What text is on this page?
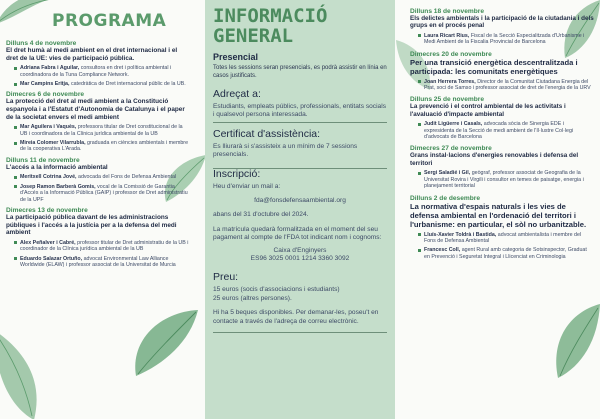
PROGRAMA
Dilluns 4 de novembre
El dret humà al medi ambient en el dret internacional i el dret de la UE: vies de participació pública.
Adriana Fabra i Aguilar, consultora en dret i política ambiental i coordinadora de la Tuna Compliance Network.
Mar Campins Eritja, catedràtica de Dret internacional públic de la UB.
Dimecres 6 de novembre
La protecció del dret al medi ambient a la Constitució espanyola i a l'Estatut d'Autonomia de Catalunya i el paper de la societat envers el medi ambient
Mar Aguilera i Vaquès, professora titular de Dret constitucional de la UB i coordinadora de la Clínica jurídica ambiental de la UB
Mireia Colomer Vilarrubla, graduada en ciències ambientals i membre de la cooperativa L'Arada.
Dilluns 11 de novembre
L'accés a la informació ambiental
Meritxell Cotrina Jové, advocada del Fons de Defensa Ambiental
Josep Ramon Barberà Gomis, vocal de la Comissió de Garantia d'Accés a la Informació Pública (GAIP) i professor de Dret administratiu de la UPF
Dimecres 13 de novembre
La participació pública davant de les administracions públiques i l'accés a la justícia per a la defensa del medi ambient
Alex Peñalver i Cabré, professor titular de Dret administratiu de la UB i coordinador de la Clínica jurídica ambiental de la UB
Eduardo Salazar Ortuño, advocat Environmental Law Alliance Worldwide (ELAW) i professor associat de la Universitat de Murcia
INFORMACIÓ
GENERAL
Presencial
Totes les sessions seran presencials, es podrà assistir en línia en casos justificats.
Adreçat a:
Estudiants, empleats públics, professionals, entitats socials i qualsevol persona interessada.
Certificat d'assistència:
Es lliurarà si s'assisteix a un mínim de 7 sessions presencials.
Inscripció:
Heu d'enviar un mail a:
fda@fonsdefensaambiental.org
abans del 31 d'octubre del 2024.
La matrícula quedarà formalitzada en el moment del seu pagament al compte de l'FDA tot indicant nom i cognoms:
Caixa d'Enginyers
ES96 3025 0001 1214 3360 3092
Preu:
15 euros (socis d'associacions i estudiants)
25 euros (altres persones).
Hi ha 5 beques disponibles. Per demanar-les, poseu't en contacte a través de l'adreça de correu electrònic.
Dilluns 18 de novembre
Els delictes ambientals i la participació de la ciutadania i dels grups en el procés penal
Laura Ricart Rius, Fiscal de la Secció Especialitzada d'Urbanisme i Medi Ambient de la Fiscalia Provincial de Barcelona
Dimecres 20 de novembre
Per una transició energètica descentralitzada i participada: les comunitats energètiques
Joan Herrera Torres, Director de la Comunitat Ciutadana Energia del Prat, soci de Samso i professor associat de dret de l'energia de la URV
Dilluns 25 de novembre
La prevenció i el control ambiental de les activitats i l'avaluació d'impacte ambiental
Judit Ligüerre i Casals, advocada sòcia de Sinergia EDE i expresidenta de la Secció de medi ambient de l'Il·lustre Col·legi d'advocats de Barcelona
Dimecres 27 de novembre
Grans instal·lacions d'energies renovables i defensa del territori
Sergi Saladié i Gil, geògraf, professor associat de Geografia de la Universitat Rovira i Virgili i consultor en temes de paisatge, energia i planejament territorial
Dilluns 2 de desembre
La normativa d'espais naturals i les vies de defensa ambiental en l'ordenació del territori i l'urbanisme: en particular, el sòl no urbanitzable.
Lluís-Xavier Toldrà i Bastida, advocat ambientalista i membre del Fons de Defensa Ambiental
Francesc Coll, agent Rural amb categoria de Sotsinspector, Graduat en Prevenció i Seguretat Integral i Llicenciat en Criminologia
